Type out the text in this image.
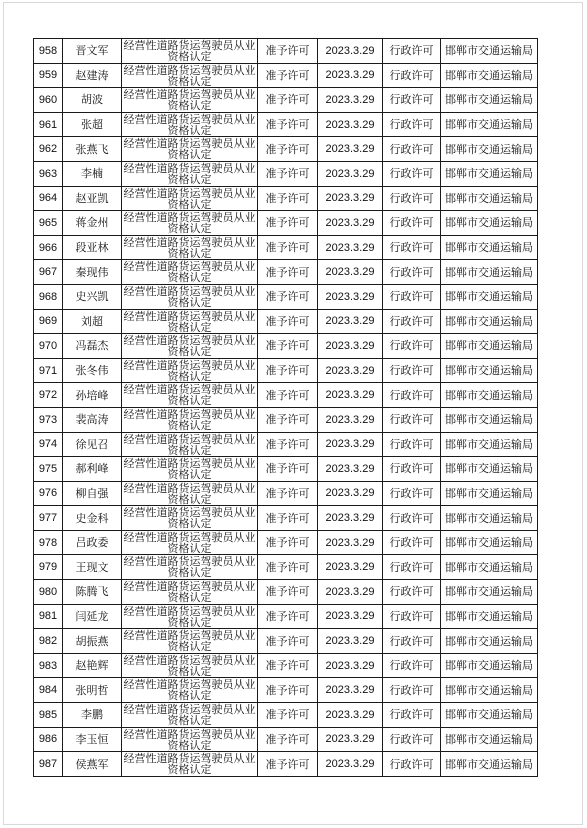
958	晋文军	经营性道路货运驾驶员从业资格认定	准予许可	2023.3.29	行政许可	邯郸市交通运输局
959	赵建涛	经营性道路货运驾驶员从业资格认定	准予许可	2023.3.29	行政许可	邯郸市交通运输局
960	胡波	经营性道路货运驾驶员从业资格认定	准予许可	2023.3.29	行政许可	邯郸市交通运输局
961	张超	经营性道路货运驾驶员从业资格认定	准予许可	2023.3.29	行政许可	邯郸市交通运输局
962	张燕飞	经营性道路货运驾驶员从业资格认定	准予许可	2023.3.29	行政许可	邯郸市交通运输局
963	李楠	经营性道路货运驾驶员从业资格认定	准予许可	2023.3.29	行政许可	邯郸市交通运输局
964	赵亚凯	经营性道路货运驾驶员从业资格认定	准予许可	2023.3.29	行政许可	邯郸市交通运输局
965	蒋金州	经营性道路货运驾驶员从业资格认定	准予许可	2023.3.29	行政许可	邯郸市交通运输局
966	段亚林	经营性道路货运驾驶员从业资格认定	准予许可	2023.3.29	行政许可	邯郸市交通运输局
967	秦现伟	经营性道路货运驾驶员从业资格认定	准予许可	2023.3.29	行政许可	邯郸市交通运输局
968	史兴凯	经营性道路货运驾驶员从业资格认定	准予许可	2023.3.29	行政许可	邯郸市交通运输局
969	刘超	经营性道路货运驾驶员从业资格认定	准予许可	2023.3.29	行政许可	邯郸市交通运输局
970	冯磊杰	经营性道路货运驾驶员从业资格认定	准予许可	2023.3.29	行政许可	邯郸市交通运输局
971	张冬伟	经营性道路货运驾驶员从业资格认定	准予许可	2023.3.29	行政许可	邯郸市交通运输局
972	孙培峰	经营性道路货运驾驶员从业资格认定	准予许可	2023.3.29	行政许可	邯郸市交通运输局
973	裴高涛	经营性道路货运驾驶员从业资格认定	准予许可	2023.3.29	行政许可	邯郸市交通运输局
974	徐见召	经营性道路货运驾驶员从业资格认定	准予许可	2023.3.29	行政许可	邯郸市交通运输局
975	郝利峰	经营性道路货运驾驶员从业资格认定	准予许可	2023.3.29	行政许可	邯郸市交通运输局
976	柳自强	经营性道路货运驾驶员从业资格认定	准予许可	2023.3.29	行政许可	邯郸市交通运输局
977	史金科	经营性道路货运驾驶员从业资格认定	准予许可	2023.3.29	行政许可	邯郸市交通运输局
978	吕政委	经营性道路货运驾驶员从业资格认定	准予许可	2023.3.29	行政许可	邯郸市交通运输局
979	王现文	经营性道路货运驾驶员从业资格认定	准予许可	2023.3.29	行政许可	邯郸市交通运输局
980	陈腾飞	经营性道路货运驾驶员从业资格认定	准予许可	2023.3.29	行政许可	邯郸市交通运输局
981	闫延龙	经营性道路货运驾驶员从业资格认定	准予许可	2023.3.29	行政许可	邯郸市交通运输局
982	胡振燕	经营性道路货运驾驶员从业资格认定	准予许可	2023.3.29	行政许可	邯郸市交通运输局
983	赵艳辉	经营性道路货运驾驶员从业资格认定	准予许可	2023.3.29	行政许可	邯郸市交通运输局
984	张明哲	经营性道路货运驾驶员从业资格认定	准予许可	2023.3.29	行政许可	邯郸市交通运输局
985	李鹏	经营性道路货运驾驶员从业资格认定	准予许可	2023.3.29	行政许可	邯郸市交通运输局
986	李玉恒	经营性道路货运驾驶员从业资格认定	准予许可	2023.3.29	行政许可	邯郸市交通运输局
987	侯燕军	经营性道路货运驾驶员从业资格认定	准予许可	2023.3.29	行政许可	邯郸市交通运输局
